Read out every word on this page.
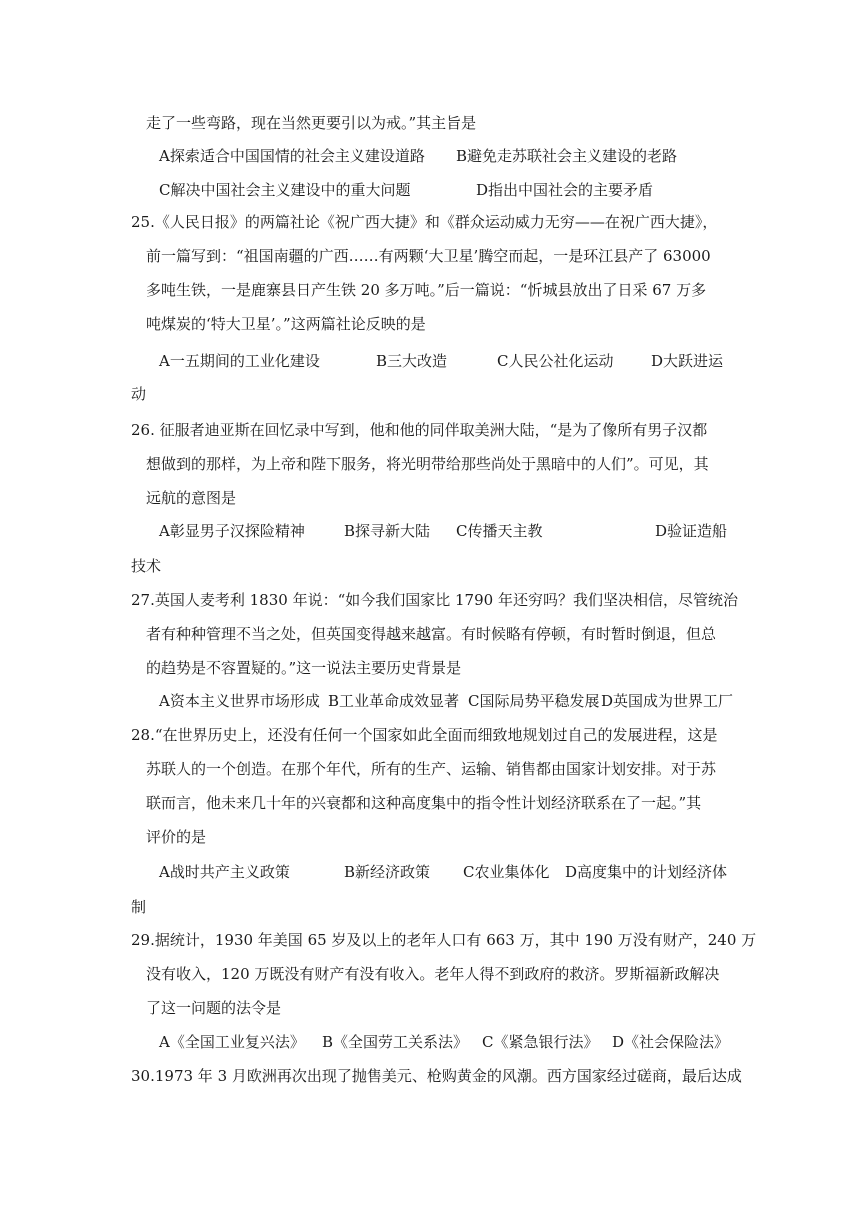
走了一些弯路，现在当然更要引以为戒。”其主旨是
A探索适合中国国情的社会主义建设道路 B避免走苏联社会主义建设的老路
C解决中国社会主义建设中的重大问题	D指出中国社会的主要矛盾
25.《人民日报》的两篇社论《祝广西大捷》和《群众运动威力无穷——在祝广西大捷》，
前一篇写到：“祖国南疆的广西……有两颗‘大卫星’腾空而起，一是环江县产了 63000
多吨生铁，一是鹿寨县日产生铁 20 多万吨。”后一篇说：“忻城县放出了日采 67 万多
吨煤炭的‘特大卫星’。”这两篇社论反映的是
A一五期间的工业化建设	B三大改造	C人民公社化运动	D大跃进运
动
26. 征服者迪亚斯在回忆录中写到，他和他的同伴取美洲大陆，“是为了像所有男子汉都
想做到的那样，为上帝和陛下服务，将光明带给那些尚处于黑暗中的人们”。可见，其
远航的意图是
A彰显男子汉探险精神	B探寻新大陆 C传播天主教	D验证造船
技术
27.英国人麦考利 1830 年说：“如今我们国家比 1790 年还穷吗？我们坚决相信，尽管统治
者有种种管理不当之处，但英国变得越来越富。有时候略有停顿，有时暂时倒退，但总
的趋势是不容置疑的。”这一说法主要历史背景是
A资本主义世界市场形成 B工业革命成效显著 C国际局势平稳发展 D英国成为世界工厂
28.“在世界历史上，还没有任何一个国家如此全面而细致地规划过自己的发展进程，这是
苏联人的一个创造。在那个年代，所有的生产、运输、销售都由国家计划安排。对于苏
联而言，他未来几十年的兴衰都和这种高度集中的指令性计划经济联系在了一起。”其
评价的是
A战时共产主义政策	B新经济政策 C农业集体化 D高度集中的计划经济体
制
29.据统计，1930 年美国 65 岁及以上的老年人口有 663 万，其中 190 万没有财产，240 万
没有收入，120 万既没有财产有没有收入。老年人得不到政府的救济。罗斯福新政解决
了这一问题的法令是
A《全国工业复兴法》 B《全国劳工关系法》 C《紧急银行法》 D《社会保险法》
30.1973 年 3 月欧洲再次出现了抛售美元、枪购黄金的风潮。西方国家经过磋商，最后达成
